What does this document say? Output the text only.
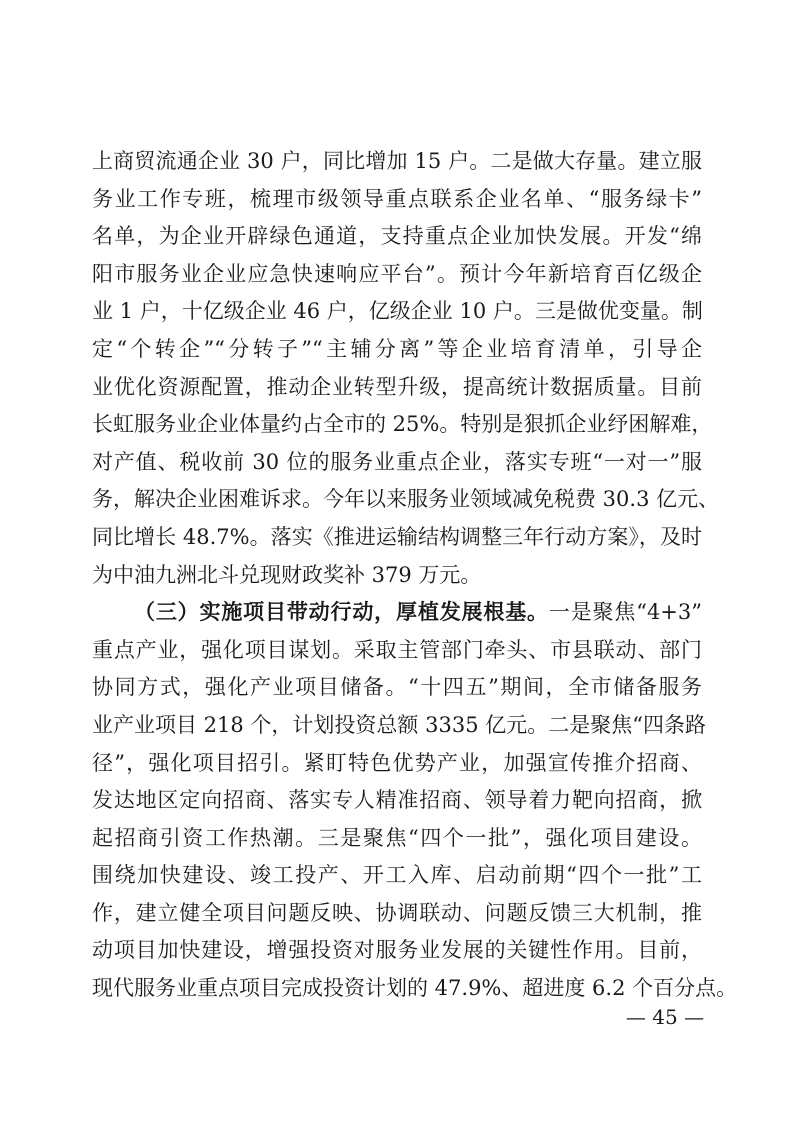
上商贸流通企业 30 户，同比增加 15 户。二是做大存量。建立服
务业工作专班，梳理市级领导重点联系企业名单、“服务绿卡”
名单，为企业开辟绿色通道，支持重点企业加快发展。开发“绵
阳市服务业企业应急快速响应平台”。预计今年新培育百亿级企
业 1 户，十亿级企业 46 户，亿级企业 10 户。三是做优变量。制
定“个转企”“分转子”“主辅分离”等企业培育清单，引导企
业优化资源配置，推动企业转型升级，提高统计数据质量。目前
长虹服务业企业体量约占全市的 25%。特别是狠抓企业纾困解难，
对产值、税收前 30 位的服务业重点企业，落实专班“一对一”服
务，解决企业困难诉求。今年以来服务业领域减免税费 30.3 亿元、
同比增长 48.7%。落实《推进运输结构调整三年行动方案》，及时
为中油九洲北斗兑现财政奖补 379 万元。
（三）实施项目带动行动，厚植发展根基。一是聚焦“4+3”
重点产业，强化项目谋划。采取主管部门牵头、市县联动、部门
协同方式，强化产业项目储备。“十四五”期间，全市储备服务
业产业项目 218 个，计划投资总额 3335 亿元。二是聚焦“四条路
径”，强化项目招引。紧盯特色优势产业，加强宣传推介招商、
发达地区定向招商、落实专人精准招商、领导着力靶向招商，掀
起招商引资工作热潮。三是聚焦“四个一批”，强化项目建设。
围绕加快建设、竣工投产、开工入库、启动前期“四个一批”工
作，建立健全项目问题反映、协调联动、问题反馈三大机制，推
动项目加快建设，增强投资对服务业发展的关键性作用。目前，
现代服务业重点项目完成投资计划的 47.9%、超进度 6.2 个百分点。
— 45 —
